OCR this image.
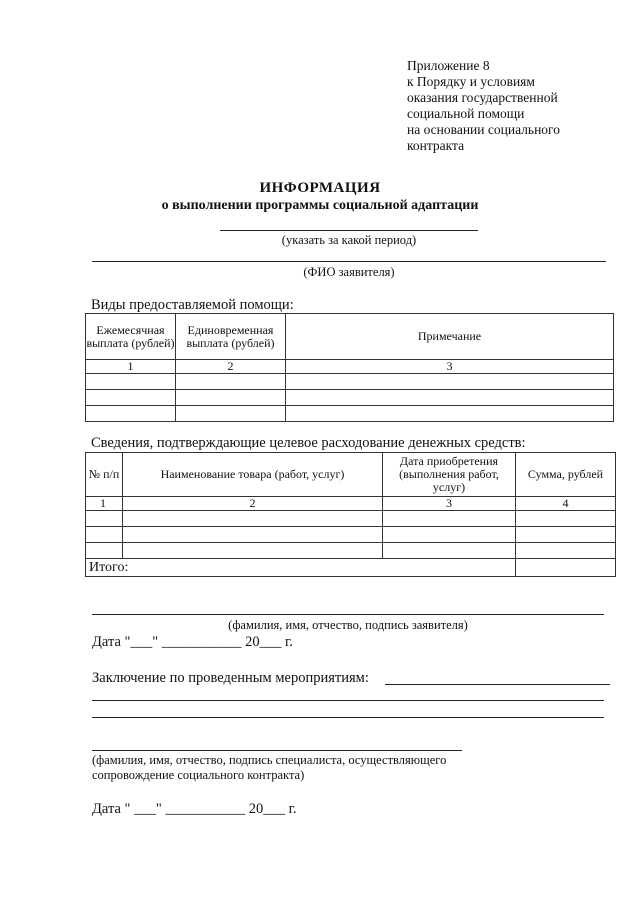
Приложение 8
к Порядку и условиям
оказания государственной
социальной помощи
на основании социального
контракта
ИНФОРМАЦИЯ
о выполнении программы социальной адаптации
(указать за какой период)
(ФИО заявителя)
Виды предоставляемой помощи:
Ежемесячная выплата (рублей)	Единовременная выплата (рублей)	Примечание
1	2	3

Сведения, подтверждающие целевое расходование денежных средств:
№ п/п	Наименование товара (работ, услуг)	Дата приобретения (выполнения работ, услуг)	Сумма, рублей
1	2	3	4

Итого:			
(фамилия, имя, отчество, подпись заявителя)
Дата "___" ___________ 20___ г.
Заключение по проведенным мероприятиям:
(фамилия, имя, отчество, подпись специалиста, осуществляющего
сопровождение социального контракта)
Дата " ___" ___________ 20___ г.
